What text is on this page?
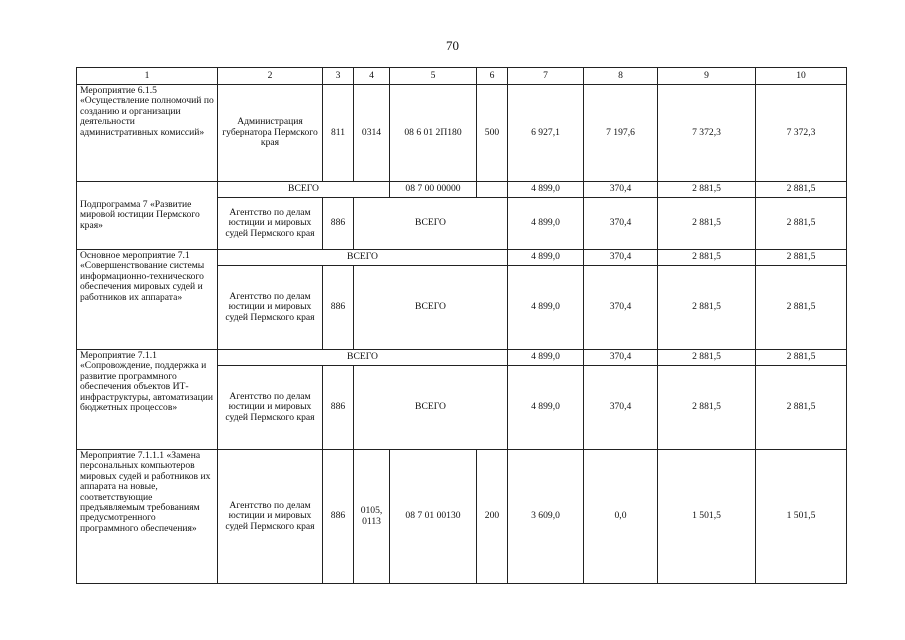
70
1	2	3	4	5	6	7	8	9	10
Мероприятие 6.1.5 «Осуществление полномочий по созданию и организации деятельности административных комиссий»	Администрация губернатора Пермского края	811	0314	08 6 01 2П180	500	6 927,1	7 197,6	7 372,3	7 372,3
Подпрограмма 7 «Развитие мировой юстиции Пермского края»	ВСЕГО			08 7 00 00000		4 899,0	370,4	2 881,5	2 881,5
	Агентство по делам юстиции и мировых судей Пермского края	886	ВСЕГО			4 899,0	370,4	2 881,5	2 881,5
Основное мероприятие 7.1 «Совершенствование системы информационно-технического обеспечения мировых судей и работников их аппарата»	ВСЕГО					4 899,0	370,4	2 881,5	2 881,5
	Агентство по делам юстиции и мировых судей Пермского края	886	ВСЕГО			4 899,0	370,4	2 881,5	2 881,5
Мероприятие 7.1.1 «Сопровождение, поддержка и развитие программного обеспечения объектов ИТ-инфраструктуры, автоматизации бюджетных процессов»	ВСЕГО					4 899,0	370,4	2 881,5	2 881,5
	Агентство по делам юстиции и мировых судей Пермского края	886	ВСЕГО			4 899,0	370,4	2 881,5	2 881,5
Мероприятие 7.1.1.1 «Замена персональных компьютеров мировых судей и работников их аппарата на новые, соответствующие предъявляемым требованиям предусмотренного программного обеспечения»	Агентство по делам юстиции и мировых судей Пермского края	886	0105, 0113	08 7 01 00130	200	3 609,0	0,0	1 501,5	1 501,5
